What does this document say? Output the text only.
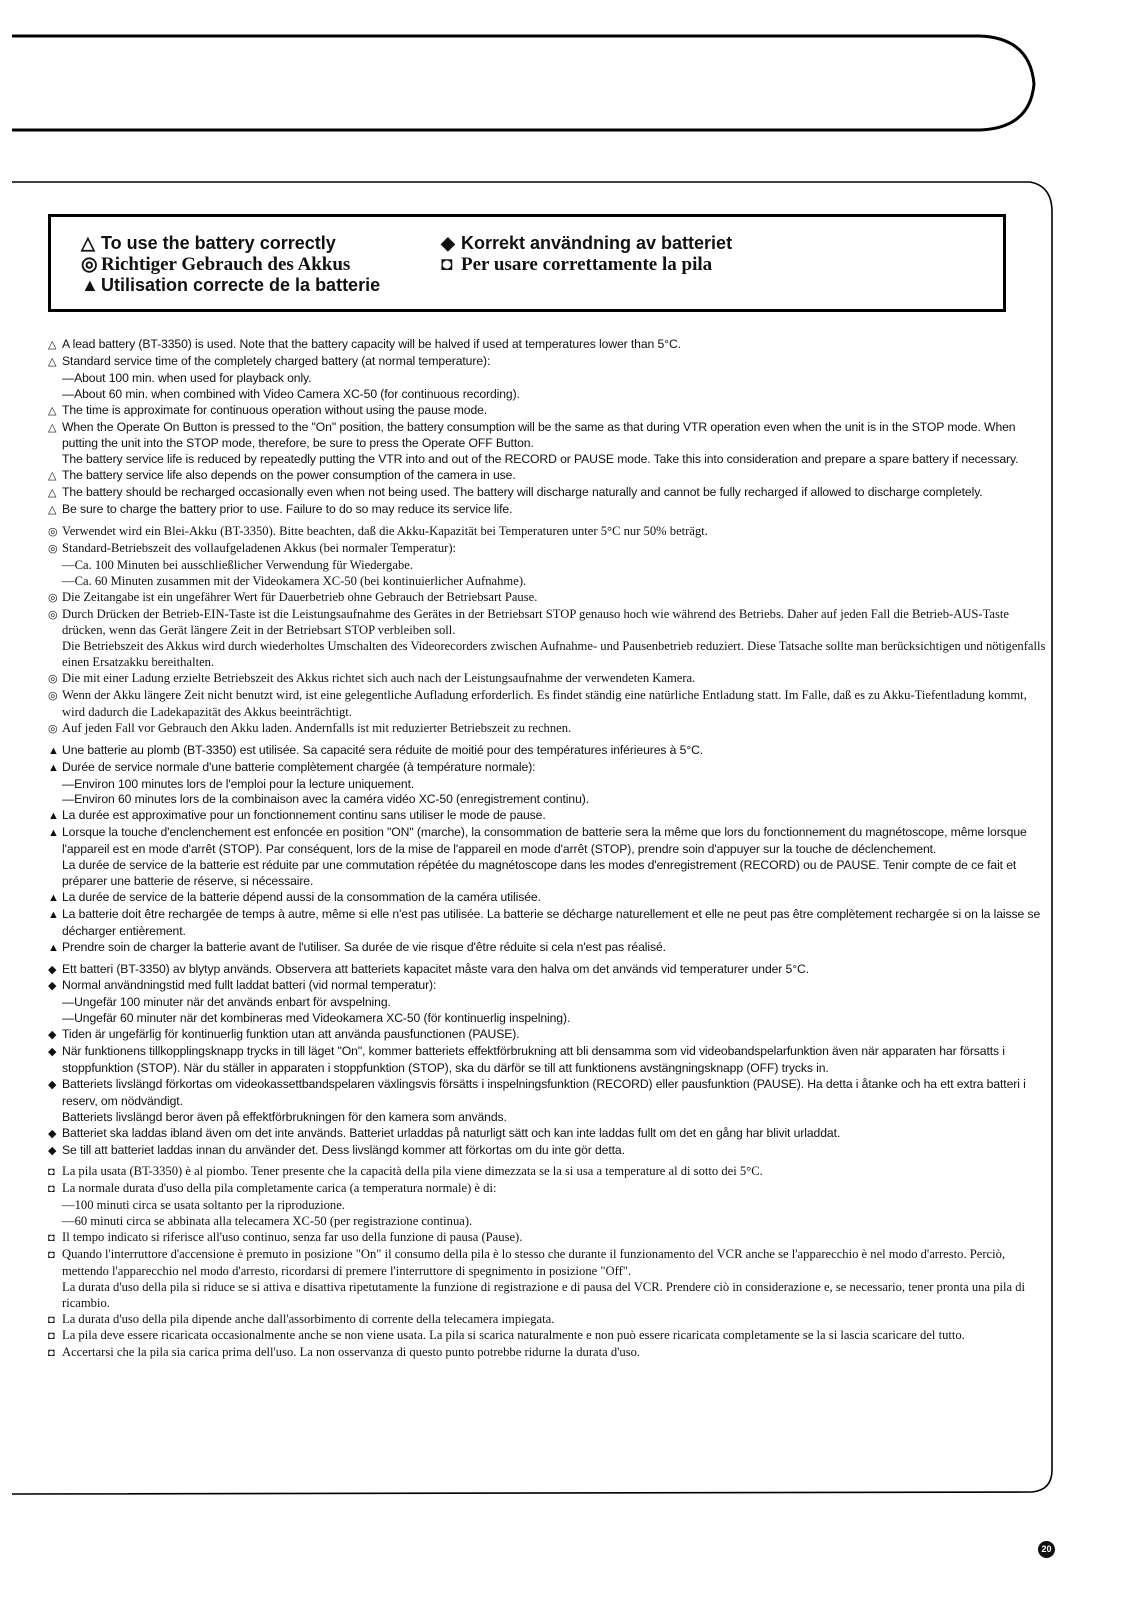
△ To use the battery correctly
◎ Richtiger Gebrauch des Akkus
▲ Utilisation correcte de la batterie
◆ Korrekt användning av batteriet
◘ Per usare correttamente la pila
△ A lead battery (BT-3350) is used. Note that the battery capacity will be halved if used at temperatures lower than 5°C.
△ Standard service time of the completely charged battery (at normal temperature):
—About 100 min. when used for playback only.
—About 60 min. when combined with Video Camera XC-50 (for continuous recording).
△ The time is approximate for continuous operation without using the pause mode.
△ When the Operate On Button is pressed to the "On" position, the battery consumption will be the same as that during VTR operation even when the unit is in the STOP mode. When putting the unit into the STOP mode, therefore, be sure to press the Operate OFF Button.
The battery service life is reduced by repeatedly putting the VTR into and out of the RECORD or PAUSE mode. Take this into consideration and prepare a spare battery if necessary.
△ The battery service life also depends on the power consumption of the camera in use.
△ The battery should be recharged occasionally even when not being used. The battery will discharge naturally and cannot be fully recharged if allowed to discharge completely.
△ Be sure to charge the battery prior to use. Failure to do so may reduce its service life.
◎ Verwendet wird ein Blei-Akku (BT-3350). Bitte beachten, daß die Akku-Kapazität bei Temperaturen unter 5°C nur 50% beträgt.
◎ Standard-Betriebszeit des vollaufgeladenen Akkus (bei normaler Temperatur):
—Ca. 100 Minuten bei ausschließlicher Verwendung für Wiedergabe.
—Ca. 60 Minuten zusammen mit der Videokamera XC-50 (bei kontinuierlicher Aufnahme).
◎ Die Zeitangabe ist ein ungefährer Wert für Dauerbetrieb ohne Gebrauch der Betriebsart Pause.
◎ Durch Drücken der Betrieb-EIN-Taste ist die Leistungsaufnahme des Gerätes in der Betriebsart STOP genauso hoch wie während des Betriebs. Daher auf jeden Fall die Betrieb-AUS-Taste drücken, wenn das Gerät längere Zeit in der Betriebsart STOP verbleiben soll.
Die Betriebszeit des Akkus wird durch wiederholtes Umschalten des Videorecorders zwischen Aufnahme- und Pausenbetrieb reduziert. Diese Tatsache sollte man berücksichtigen und nötigenfalls einen Ersatzakku bereithalten.
◎ Die mit einer Ladung erzielte Betriebszeit des Akkus richtet sich auch nach der Leistungsaufnahme der verwendeten Kamera.
◎ Wenn der Akku längere Zeit nicht benutzt wird, ist eine gelegentliche Aufladung erforderlich. Es findet ständig eine natürliche Entladung statt. Im Falle, daß es zu Akku-Tiefentladung kommt, wird dadurch die Ladekapazität des Akkus beeinträchtigt.
◎ Auf jeden Fall vor Gebrauch den Akku laden. Andernfalls ist mit reduzierter Betriebszeit zu rechnen.
▲ Une batterie au plomb (BT-3350) est utilisée. Sa capacité sera réduite de moitié pour des températures inférieures à 5°C.
▲ Durée de service normale d'une batterie complètement chargée (à température normale):
—Environ 100 minutes lors de l'emploi pour la lecture uniquement.
—Environ 60 minutes lors de la combinaison avec la caméra vidéo XC-50 (enregistrement continu).
▲ La durée est approximative pour un fonctionnement continu sans utiliser le mode de pause.
▲ Lorsque la touche d'enclenchement est enfoncée en position "ON" (marche), la consommation de batterie sera la même que lors du fonctionnement du magnétoscope, même lorsque l'appareil est en mode d'arrêt (STOP). Par conséquent, lors de la mise de l'appareil en mode d'arrêt (STOP), prendre soin d'appuyer sur la touche de déclenchement.
La durée de service de la batterie est réduite par une commutation répétée du magnétoscope dans les modes d'enregistrement (RECORD) ou de PAUSE. Tenir compte de ce fait et préparer une batterie de réserve, si nécessaire.
▲ La durée de service de la batterie dépend aussi de la consommation de la caméra utilisée.
▲ La batterie doit être rechargée de temps à autre, même si elle n'est pas utilisée. La batterie se décharge naturellement et elle ne peut pas être complètement rechargée si on la laisse se décharger entièrement.
▲ Prendre soin de charger la batterie avant de l'utiliser. Sa durée de vie risque d'être réduite si cela n'est pas réalisé.
◆ Ett batteri (BT-3350) av blytyp används. Observera att batteriets kapacitet måste vara den halva om det används vid temperaturer under 5°C.
◆ Normal användningstid med fullt laddat batteri (vid normal temperatur):
—Ungefär 100 minuter när det används enbart för avspelning.
—Ungefär 60 minuter när det kombineras med Videokamera XC-50 (för kontinuerlig inspelning).
◆ Tiden är ungefärlig för kontinuerlig funktion utan att använda pausfunctionen (PAUSE).
◆ När funktionens tillkopplingsknapp trycks in till läget "On", kommer batteriets effektförbrukning att bli densamma som vid videobandspelarfunktion även när apparaten har försatts i stoppfunktion (STOP). När du ställer in apparaten i stoppfunktion (STOP), ska du därför se till att funktionens avstängningsknapp (OFF) trycks in.
◆ Batteriets livslängd förkortas om videokassettbandspelaren växlingsvis försätts i inspelningsfunktion (RECORD) eller pausfunktion (PAUSE). Ha detta i åtanke och ha ett extra batteri i reserv, om nödvändigt.
Batteriets livslängd beror även på effektförbrukningen för den kamera som används.
◆ Batteriet ska laddas ibland även om det inte används. Batteriet urladdas på naturligt sätt och kan inte laddas fullt om det en gång har blivit urladdat.
◆ Se till att batteriet laddas innan du använder det. Dess livslängd kommer att förkortas om du inte gör detta.
◘ La pila usata (BT-3350) è al piombo. Tener presente che la capacità della pila viene dimezzata se la si usa a temperature al di sotto dei 5°C.
◘ La normale durata d'uso della pila completamente carica (a temperatura normale) è di:
—100 minuti circa se usata soltanto per la riproduzione.
—60 minuti circa se abbinata alla telecamera XC-50 (per registrazione continua).
◘ Il tempo indicato si riferisce all'uso continuo, senza far uso della funzione di pausa (Pause).
◘ Quando l'interruttore d'accensione è premuto in posizione "On" il consumo della pila è lo stesso che durante il funzionamento del VCR anche se l'apparecchio è nel modo d'arresto. Perciò, mettendo l'apparecchio nel modo d'arresto, ricordarsi di premere l'interruttore di spegnimento in posizione "Off".
La durata d'uso della pila si riduce se si attiva e disattiva ripetutamente la funzione di registrazione e di pausa del VCR. Prendere ciò in considerazione e, se necessario, tener pronta una pila di ricambio.
◘ La durata d'uso della pila dipende anche dall'assorbimento di corrente della telecamera impiegata.
◘ La pila deve essere ricaricata occasionalmente anche se non viene usata. La pila si scarica naturalmente e non può essere ricaricata completamente se la si lascia scaricare del tutto.
◘ Accertarsi che la pila sia carica prima dell'uso. La non osservanza di questo punto potrebbe ridurne la durata d'uso.
20
